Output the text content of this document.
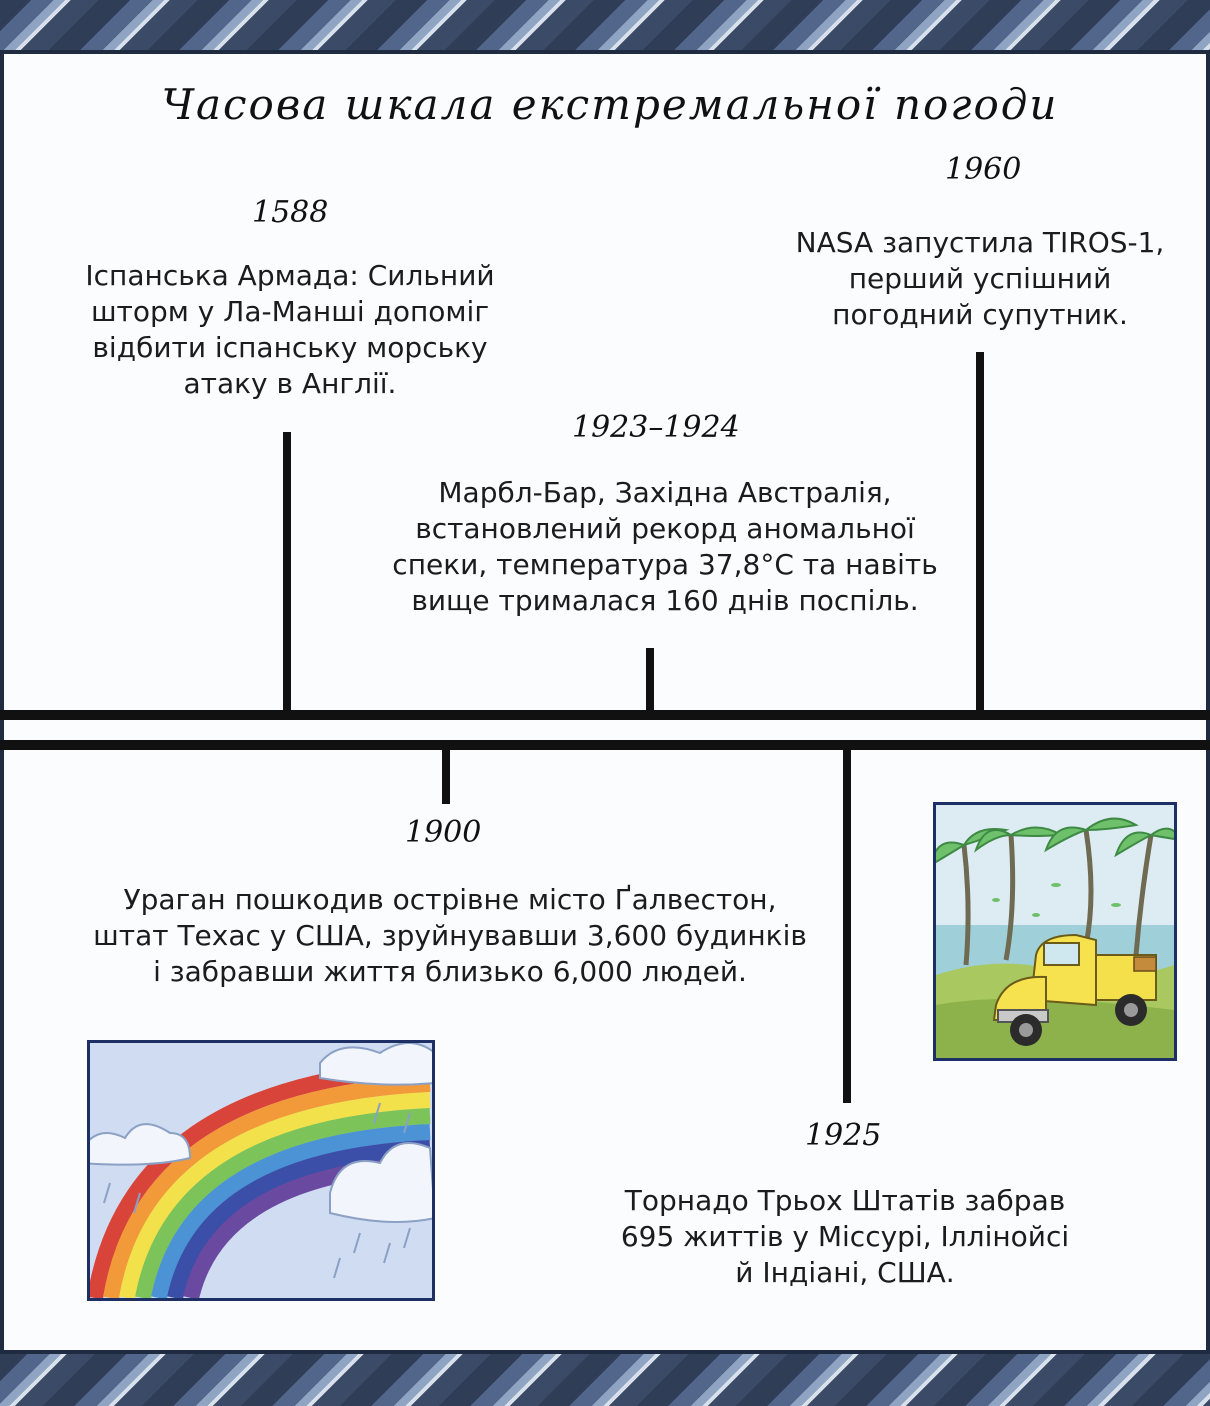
Часова шкала екстремальної погоди
1588
Іспанська Армада: Сильний
шторм у Ла-Манші допоміг
відбити іспанську морську
атаку в Англії.
1960
NASA запустила TIROS-1,
перший успішний
погодний супутник.
1923–1924
Марбл-Бар, Західна Австралія,
встановлений рекорд аномальної
спеки, температура 37,8°С та навіть
вище трималася 160 днів поспіль.
1900
Ураган пошкодив острівне місто Ґалвестон,
штат Техас у США, зруйнувавши 3,600 будинків
і забравши життя близько 6,000 людей.
1925
Торнадо Трьох Штатів забрав
695 життів у Міссурі, Іллінойсі
й Індіані, США.
